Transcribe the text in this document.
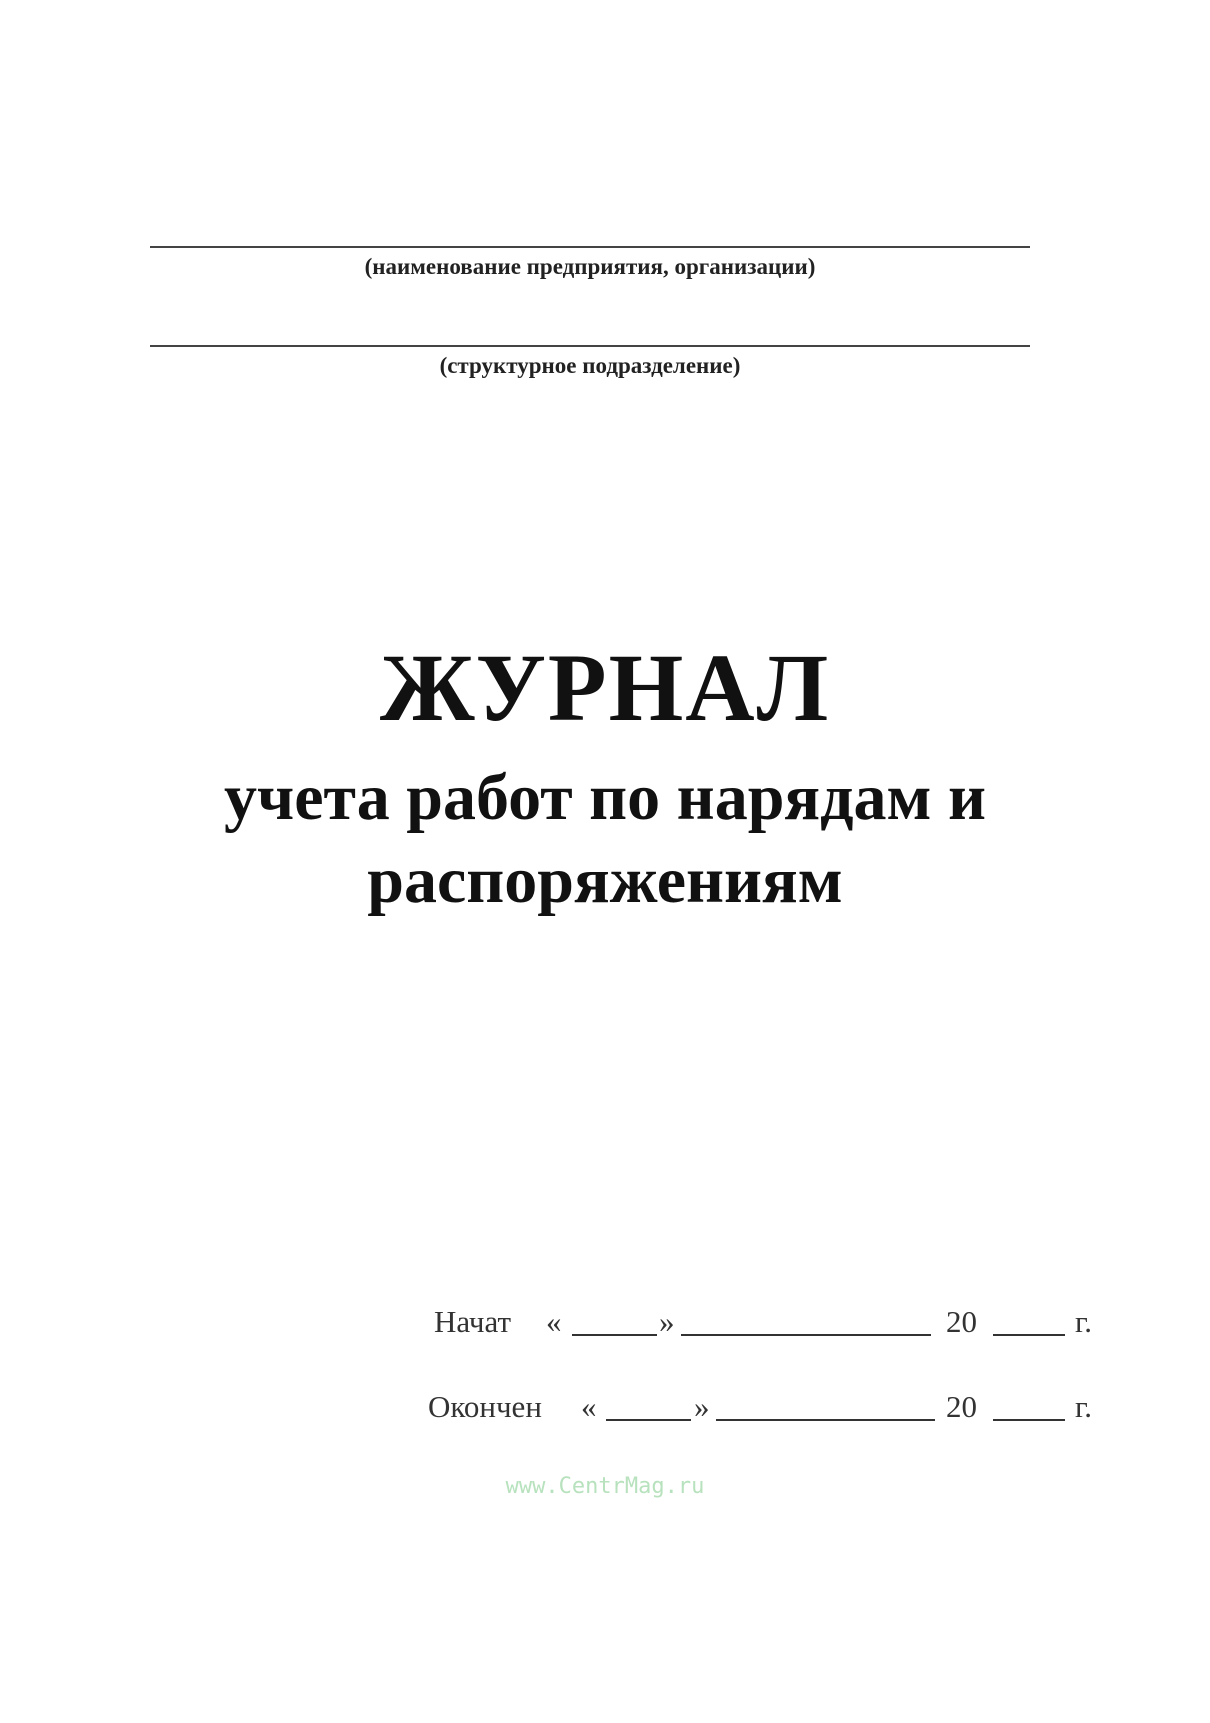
(наименование предприятия, организации)
(структурное подразделение)
ЖУРНАЛ
учета работ по нарядам и
распоряжениям
Начат «	»	20	г.
Окончен «	»	20	г.
www.CentrMag.ru
